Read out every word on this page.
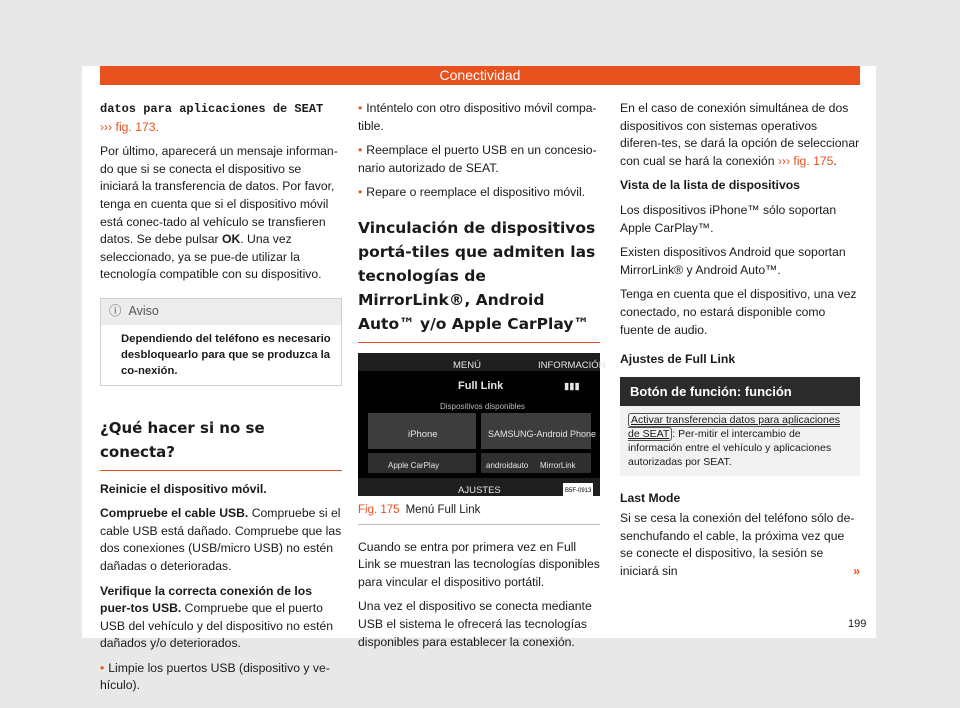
Conectividad

datos para aplicaciones de SEAT
››› fig. 173.

Por último, aparecerá un mensaje informan-do que si se conecta el dispositivo se iniciará la transferencia de datos. Por favor, tenga en cuenta que si el dispositivo móvil está conec-tado al vehículo se transfieren datos. Se debe pulsar OK. Una vez seleccionado, ya se pue-de utilizar la tecnología compatible con su dispositivo.

ⓘ  Aviso
Dependiendo del teléfono es necesario desbloquearlo para que se produzca la co-nexión.
¿Qué hacer si no se conecta?

Reinicie el dispositivo móvil.

Compruebe el cable USB. Compruebe si el cable USB está dañado. Compruebe que las dos conexiones (USB/micro USB) no estén dañadas o deterioradas.

Verifique la correcta conexión de los puer-tos USB. Compruebe que el puerto USB del vehículo y del dispositivo no estén dañados y/o deteriorados.

• Limpie los puertos USB (dispositivo y ve-hículo).

• Inténtelo con otro dispositivo móvil compa-tible.

• Reemplace el puerto USB en un concesio-nario autorizado de SEAT.

• Repare o reemplace el dispositivo móvil.

Vinculación de dispositivos portá-tiles que admiten las tecnologías de MirrorLink®, Android Auto™ y/o Apple CarPlay™
MENÚ	INFORMACIÓN
Full Link	▮▮▮
Dispositivos disponibles
iPhone	SAMSUNG-Android Phone
Apple CarPlay	androidauto MirrorLink
AJUSTES	B5F-0913
Fig. 175 Menú Full Link

Cuando se entra por primera vez en Full Link se muestran las tecnologías disponibles para vincular el dispositivo portátil.

Una vez el dispositivo se conecta mediante USB el sistema le ofrecerá las tecnologías disponibles para establecer la conexión.

En el caso de conexión simultánea de dos dispositivos con sistemas operativos diferen-tes, se dará la opción de seleccionar con cual se hará la conexión ››› fig. 175.

Vista de la lista de dispositivos

Los dispositivos iPhone™ sólo soportan Apple CarPlay™.

Existen dispositivos Android que soportan MirrorLink® y Android Auto™.

Tenga en cuenta que el dispositivo, una vez conectado, no estará disponible como fuente de audio.

Ajustes de Full Link

Botón de función: función
Activar transferencia datos para aplicaciones de SEAT : Per-mitir el intercambio de información entre el vehículo y aplicaciones autorizadas por SEAT.

Last Mode

Si se cesa la conexión del teléfono sólo de-senchufando el cable, la próxima vez que se conecte el dispositivo, la sesión se iniciará sin	»

199
